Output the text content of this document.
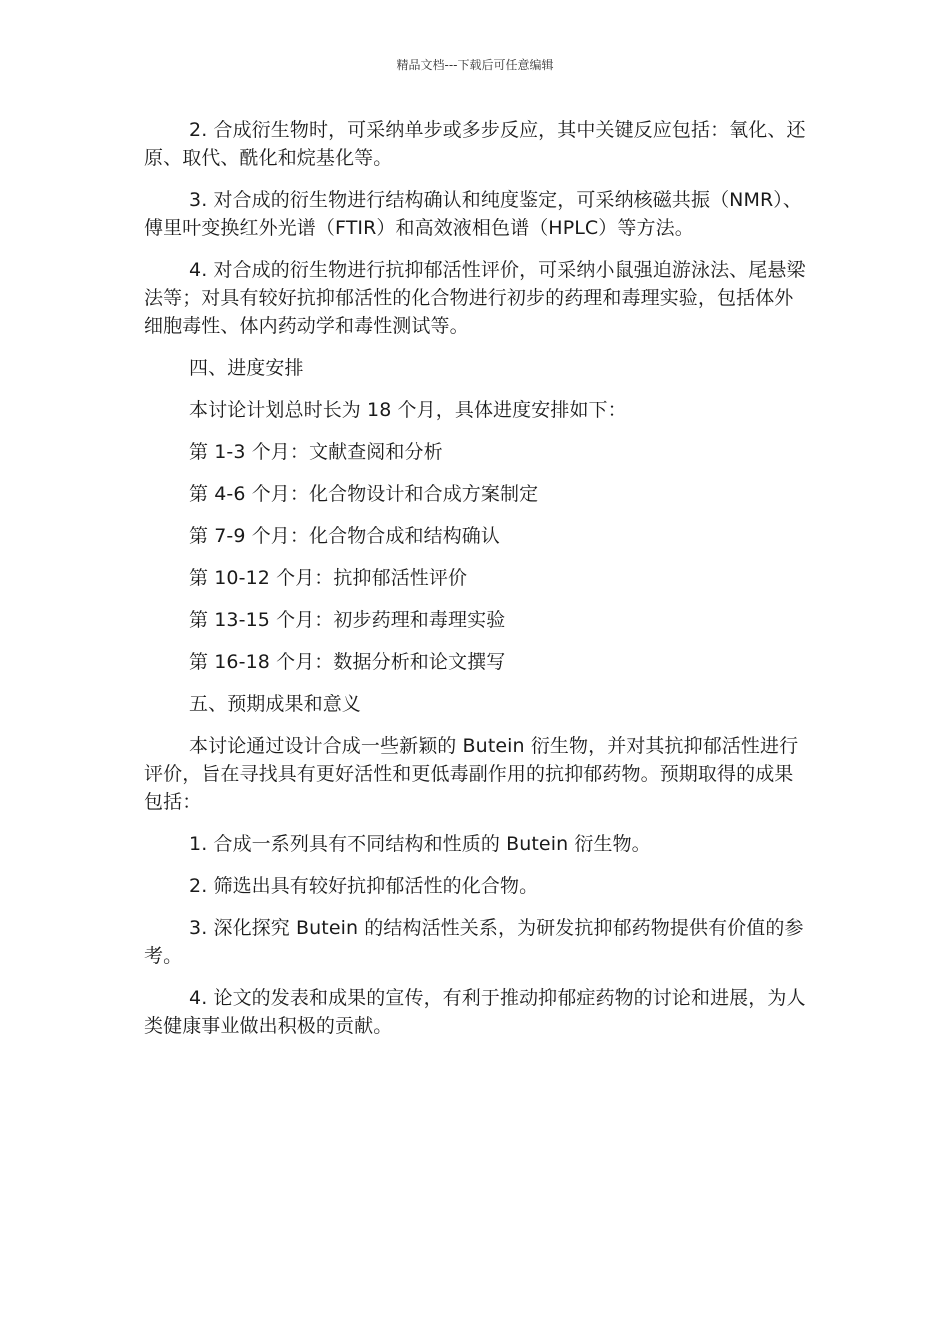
精品文档---下载后可任意编辑

2. 合成衍生物时，可采纳单步或多步反应，其中关键反应包括：氧化、还原、取代、酰化和烷基化等。

3. 对合成的衍生物进行结构确认和纯度鉴定，可采纳核磁共振（NMR）、傅里叶变换红外光谱（FTIR）和高效液相色谱（HPLC）等方法。

4. 对合成的衍生物进行抗抑郁活性评价，可采纳小鼠强迫游泳法、尾悬梁法等；对具有较好抗抑郁活性的化合物进行初步的药理和毒理实验，包括体外细胞毒性、体内药动学和毒性测试等。

四、进度安排

本讨论计划总时长为 18 个月，具体进度安排如下：

第 1-3 个月：文献查阅和分析

第 4-6 个月：化合物设计和合成方案制定

第 7-9 个月：化合物合成和结构确认

第 10-12 个月：抗抑郁活性评价

第 13-15 个月：初步药理和毒理实验

第 16-18 个月：数据分析和论文撰写

五、预期成果和意义

本讨论通过设计合成一些新颖的 Butein 衍生物，并对其抗抑郁活性进行评价，旨在寻找具有更好活性和更低毒副作用的抗抑郁药物。预期取得的成果包括：

1. 合成一系列具有不同结构和性质的 Butein 衍生物。

2. 筛选出具有较好抗抑郁活性的化合物。

3. 深化探究 Butein 的结构活性关系，为研发抗抑郁药物提供有价值的参考。

4. 论文的发表和成果的宣传，有利于推动抑郁症药物的讨论和进展，为人类健康事业做出积极的贡献。
